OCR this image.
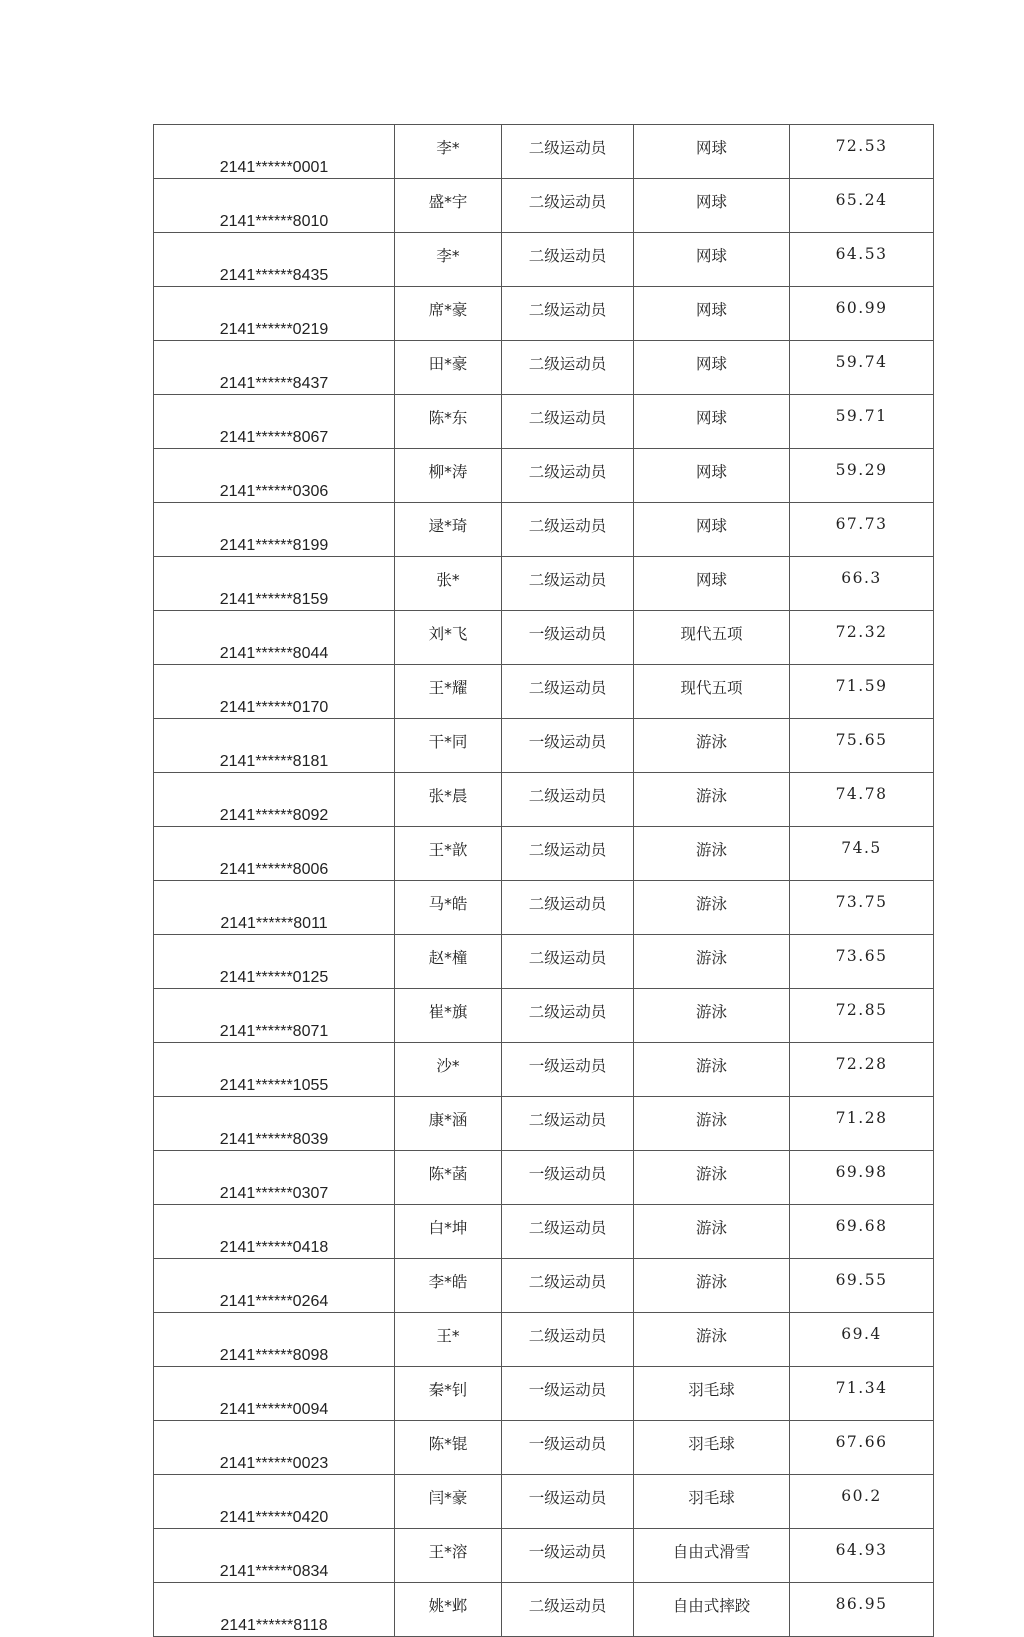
2141******0001	李*	二级运动员	网球	72.53
2141******8010	盛*宇	二级运动员	网球	65.24
2141******8435	李*	二级运动员	网球	64.53
2141******0219	席*豪	二级运动员	网球	60.99
2141******8437	田*豪	二级运动员	网球	59.74
2141******8067	陈*东	二级运动员	网球	59.71
2141******0306	柳*涛	二级运动员	网球	59.29
2141******8199	逯*琦	二级运动员	网球	67.73
2141******8159	张*	二级运动员	网球	66.3
2141******8044	刘*飞	一级运动员	现代五项	72.32
2141******0170	王*耀	二级运动员	现代五项	71.59
2141******8181	干*同	一级运动员	游泳	75.65
2141******8092	张*晨	二级运动员	游泳	74.78
2141******8006	王*歆	二级运动员	游泳	74.5
2141******8011	马*皓	二级运动员	游泳	73.75
2141******0125	赵*橦	二级运动员	游泳	73.65
2141******8071	崔*旗	二级运动员	游泳	72.85
2141******1055	沙*	一级运动员	游泳	72.28
2141******8039	康*涵	二级运动员	游泳	71.28
2141******0307	陈*菡	一级运动员	游泳	69.98
2141******0418	白*坤	二级运动员	游泳	69.68
2141******0264	李*皓	二级运动员	游泳	69.55
2141******8098	王*	二级运动员	游泳	69.4
2141******0094	秦*钊	一级运动员	羽毛球	71.34
2141******0023	陈*锟	一级运动员	羽毛球	67.66
2141******0420	闫*豪	一级运动员	羽毛球	60.2
2141******0834	王*溶	一级运动员	自由式滑雪	64.93
2141******8118	姚*邺	二级运动员	自由式摔跤	86.95
